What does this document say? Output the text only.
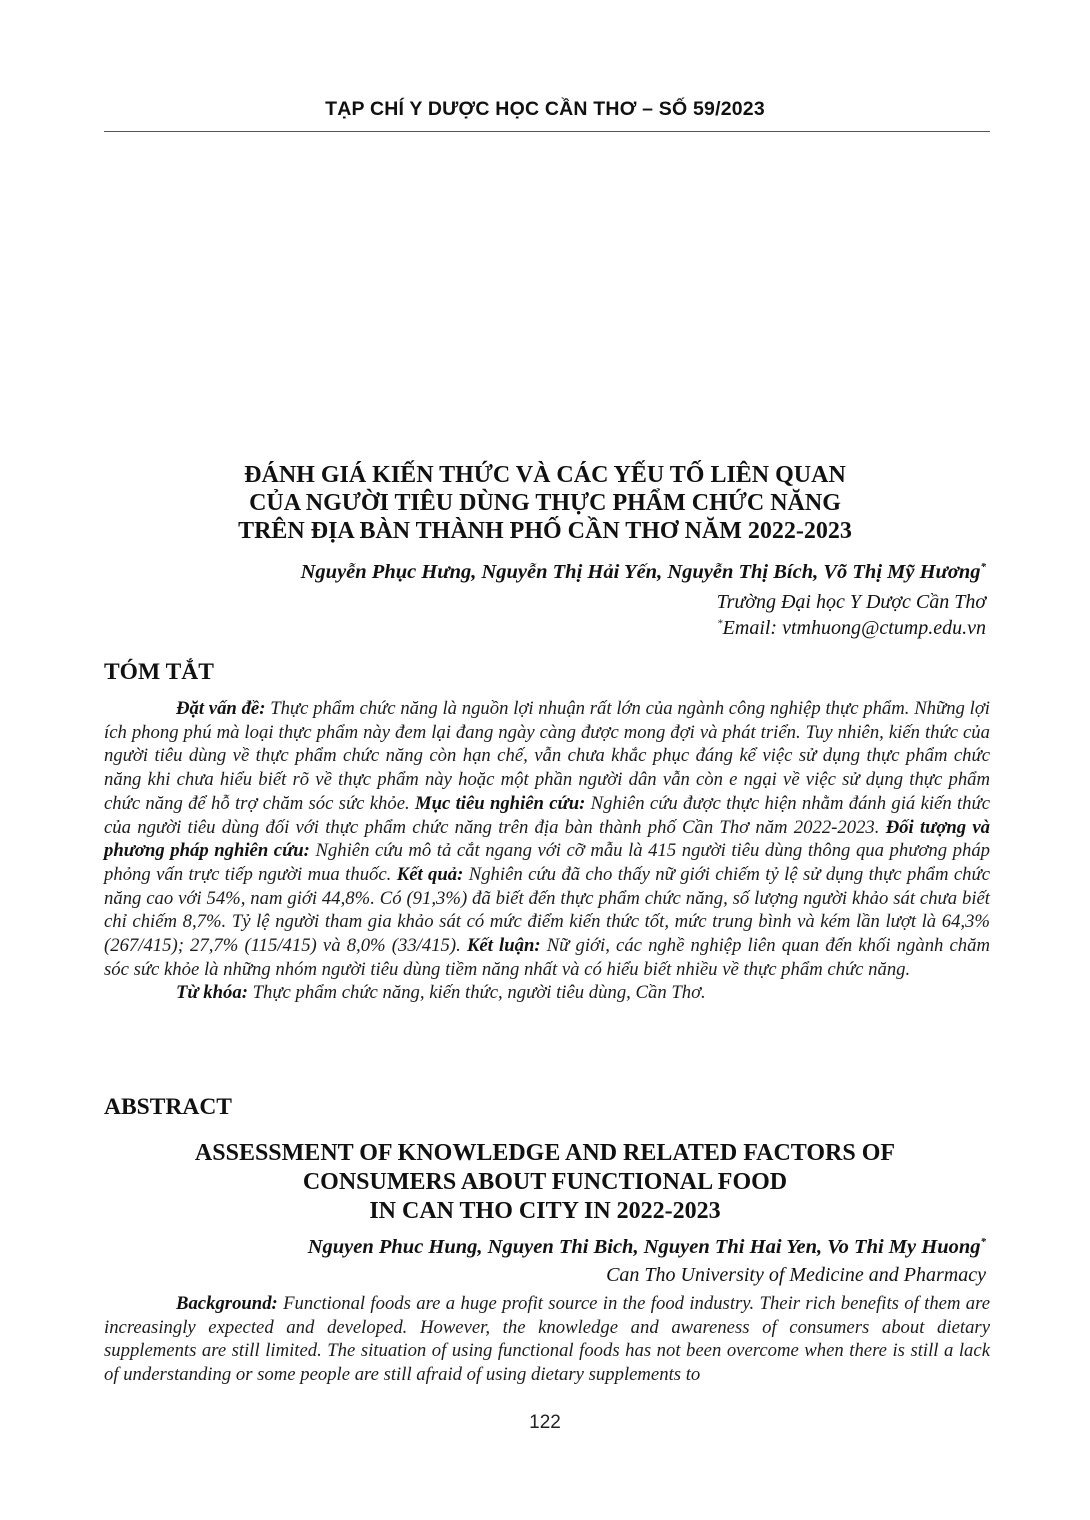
TẠP CHÍ Y DƯỢC HỌC CẦN THƠ – SỐ 59/2023
ĐÁNH GIÁ KIẾN THỨC VÀ CÁC YẾU TỐ LIÊN QUAN
CỦA NGƯỜI TIÊU DÙNG THỰC PHẨM CHỨC NĂNG
TRÊN ĐỊA BÀN THÀNH PHỐ CẦN THƠ NĂM 2022-2023
Nguyễn Phục Hưng, Nguyễn Thị Hải Yến, Nguyễn Thị Bích, Võ Thị Mỹ Hương*
Trường Đại học Y Dược Cần Thơ
*Email: vtmhuong@ctump.edu.vn
TÓM TẮT

Đặt vấn đề: Thực phẩm chức năng là nguồn lợi nhuận rất lớn của ngành công nghiệp thực phẩm. Những lợi ích phong phú mà loại thực phẩm này đem lại đang ngày càng được mong đợi và phát triển. Tuy nhiên, kiến thức của người tiêu dùng về thực phẩm chức năng còn hạn chế, vẫn chưa khắc phục đáng kể việc sử dụng thực phẩm chức năng khi chưa hiểu biết rõ về thực phẩm này hoặc một phần người dân vẫn còn e ngại về việc sử dụng thực phẩm chức năng để hỗ trợ chăm sóc sức khỏe. Mục tiêu nghiên cứu: Nghiên cứu được thực hiện nhằm đánh giá kiến thức của người tiêu dùng đối với thực phẩm chức năng trên địa bàn thành phố Cần Thơ năm 2022-2023. Đối tượng và phương pháp nghiên cứu: Nghiên cứu mô tả cắt ngang với cỡ mẫu là 415 người tiêu dùng thông qua phương pháp phỏng vấn trực tiếp người mua thuốc. Kết quả: Nghiên cứu đã cho thấy nữ giới chiếm tỷ lệ sử dụng thực phẩm chức năng cao với 54%, nam giới 44,8%. Có (91,3%) đã biết đến thực phẩm chức năng, số lượng người khảo sát chưa biết chỉ chiếm 8,7%. Tỷ lệ người tham gia khảo sát có mức điểm kiến thức tốt, mức trung bình và kém lần lượt là 64,3% (267/415); 27,7% (115/415) và 8,0% (33/415). Kết luận: Nữ giới, các nghề nghiệp liên quan đến khối ngành chăm sóc sức khỏe là những nhóm người tiêu dùng tiềm năng nhất và có hiểu biết nhiều về thực phẩm chức năng.

Từ khóa: Thực phẩm chức năng, kiến thức, người tiêu dùng, Cần Thơ.

ABSTRACT
ASSESSMENT OF KNOWLEDGE AND RELATED FACTORS OF
CONSUMERS ABOUT FUNCTIONAL FOOD
IN CAN THO CITY IN 2022-2023
Nguyen Phuc Hung, Nguyen Thi Bich, Nguyen Thi Hai Yen, Vo Thi My Huong*
Can Tho University of Medicine and Pharmacy

Background: Functional foods are a huge profit source in the food industry. Their rich benefits of them are increasingly expected and developed. However, the knowledge and awareness of consumers about dietary supplements are still limited. The situation of using functional foods has not been overcome when there is still a lack of understanding or some people are still afraid of using dietary supplements to

122
